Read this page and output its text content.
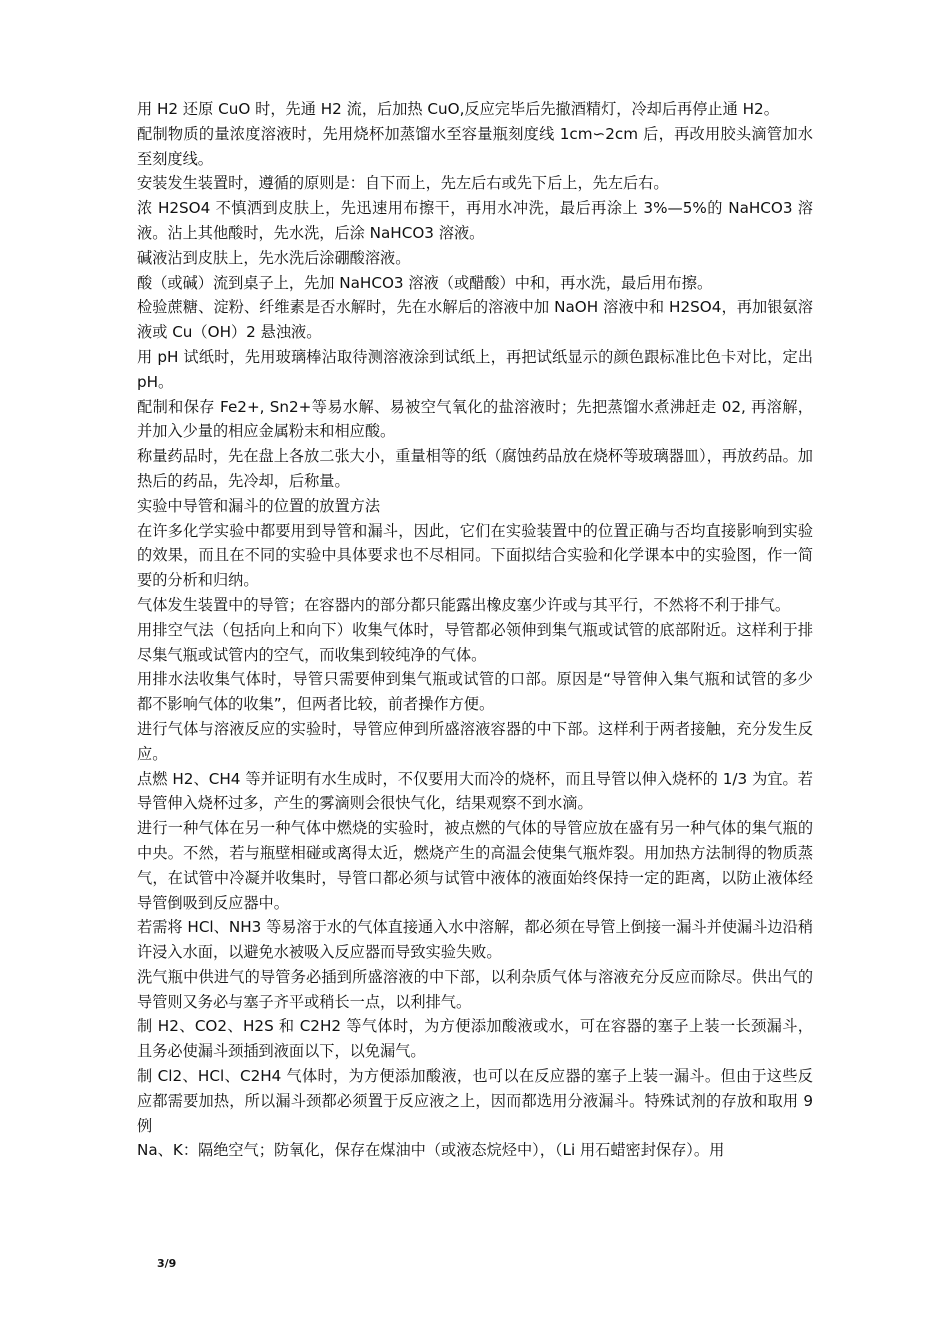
用 H2 还原 CuO 时，先通 H2 流，后加热 CuO,反应完毕后先撤酒精灯，冷却后再停止通 H2。

配制物质的量浓度溶液时，先用烧杯加蒸馏水至容量瓶刻度线 1cm∽2cm 后，再改用胶头滴管加水至刻度线。

安装发生装置时，遵循的原则是：自下而上，先左后右或先下后上，先左后右。

浓 H2SO4 不慎洒到皮肤上，先迅速用布擦干，再用水冲洗，最后再涂上 3%—5%的 NaHCO3 溶液。沾上其他酸时，先水洗，后涂 NaHCO3 溶液。

碱液沾到皮肤上，先水洗后涂硼酸溶液。

酸（或碱）流到桌子上，先加 NaHCO3 溶液（或醋酸）中和，再水洗，最后用布擦。

检验蔗糖、淀粉、纤维素是否水解时，先在水解后的溶液中加 NaOH 溶液中和 H2SO4，再加银氨溶液或 Cu（OH）2 悬浊液。

用 pH 试纸时，先用玻璃棒沾取待测溶液涂到试纸上，再把试纸显示的颜色跟标准比色卡对比，定出 pH。

配制和保存 Fe2+, Sn2+等易水解、易被空气氧化的盐溶液时；先把蒸馏水煮沸赶走 02, 再溶解，并加入少量的相应金属粉末和相应酸。

称量药品时，先在盘上各放二张大小，重量相等的纸（腐蚀药品放在烧杯等玻璃器皿），再放药品。加热后的药品，先冷却，后称量。

实验中导管和漏斗的位置的放置方法

在许多化学实验中都要用到导管和漏斗，因此，它们在实验装置中的位置正确与否均直接影响到实验的效果，而且在不同的实验中具体要求也不尽相同。下面拟结合实验和化学课本中的实验图，作一简要的分析和归纳。

气体发生装置中的导管；在容器内的部分都只能露出橡皮塞少许或与其平行，不然将不利于排气。

用排空气法（包括向上和向下）收集气体时，导管都必领伸到集气瓶或试管的底部附近。这样利于排尽集气瓶或试管内的空气，而收集到较纯净的气体。

用排水法收集气体时，导管只需要伸到集气瓶或试管的口部。原因是“导管伸入集气瓶和试管的多少都不影响气体的收集”，但两者比较，前者操作方便。

进行气体与溶液反应的实验时，导管应伸到所盛溶液容器的中下部。这样利于两者接触，充分发生反应。

点燃 H2、CH4 等并证明有水生成时，不仅要用大而冷的烧杯，而且导管以伸入烧杯的 1/3 为宜。若导管伸入烧杯过多，产生的雾滴则会很快气化，结果观察不到水滴。

进行一种气体在另一种气体中燃烧的实验时，被点燃的气体的导管应放在盛有另一种气体的集气瓶的中央。不然，若与瓶壁相碰或离得太近，燃烧产生的高温会使集气瓶炸裂。用加热方法制得的物质蒸气，在试管中冷凝并收集时，导管口都必须与试管中液体的液面始终保持一定的距离，以防止液体经导管倒吸到反应器中。

若需将 HCl、NH3 等易溶于水的气体直接通入水中溶解，都必须在导管上倒接一漏斗并使漏斗边沿稍许浸入水面，以避免水被吸入反应器而导致实验失败。

洗气瓶中供进气的导管务必插到所盛溶液的中下部，以利杂质气体与溶液充分反应而除尽。供出气的导管则又务必与塞子齐平或稍长一点，以利排气。

制 H2、CO2、H2S 和 C2H2 等气体时，为方便添加酸液或水，可在容器的塞子上装一长颈漏斗，且务必使漏斗颈插到液面以下，以免漏气。

制 Cl2、HCl、C2H4 气体时，为方便添加酸液，也可以在反应器的塞子上装一漏斗。但由于这些反应都需要加热，所以漏斗颈都必须置于反应液之上，因而都选用分液漏斗。特殊试剂的存放和取用 9 例

Na、K：隔绝空气；防氧化，保存在煤油中（或液态烷烃中），（Li 用石蜡密封保存）。用

3/9
